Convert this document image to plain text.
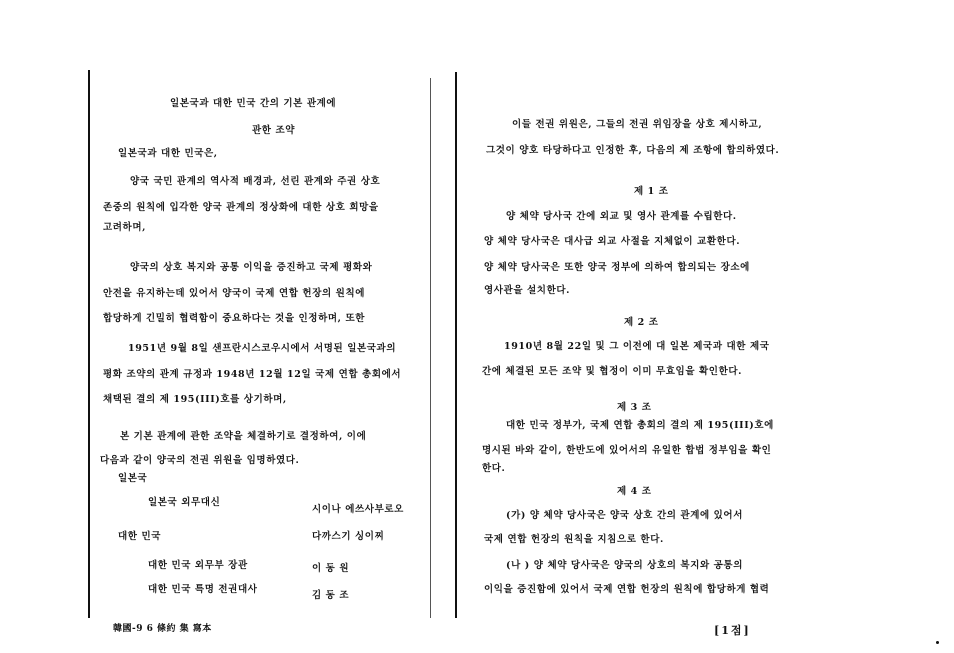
일본국과 대한 민국 간의 기본 관계에
관한 조약
일본국과 대한 민국은,
양국 국민 관계의 역사적 배경과, 선린 관계와 주권 상호
존중의 원칙에 입각한 양국 관계의 정상화에 대한 상호 희망을
고려하며,
양국의 상호 복지와 공통 이익을 증진하고 국제 평화와
안전을 유지하는데 있어서 양국이 국제 연합 헌장의 원칙에
합당하게 긴밀히 협력함이 중요하다는 것을 인정하며, 또한
1951년 9월 8일 샌프란시스코우시에서 서명된 일본국과의
평화 조약의 관계 규정과 1948년 12월 12일 국제 연합 총회에서
채택된 결의 제 195(III)호를 상기하며,
본 기본 관계에 관한 조약을 체결하기로 결정하여, 이에
다음과 같이 양국의 전권 위원을 임명하였다.
일본국
일본국 외무대신
시이나 에쓰사부로오
대한 민국	다까스기 싱이찌
대한 민국 외무부 장관	이 동 원
대한 민국 특명 전권대사
김 동 조
韓國-9 6 條約 集 寫本
이들 전권 위원은, 그들의 전권 위임장을 상호 제시하고,
그것이 양호 타당하다고 인정한 후, 다음의 제 조항에 합의하였다.
제 1 조
양 체약 당사국 간에 외교 및 영사 관계를 수립한다.
양 체약 당사국은 대사급 외교 사절을 지체없이 교환한다.
양 체약 당사국은 또한 양국 정부에 의하여 합의되는 장소에
영사관을 설치한다.
제 2 조
1910년 8월 22일 및 그 이전에 대 일본 제국과 대한 제국
간에 체결된 모든 조약 및 협정이 이미 무효임을 확인한다.
제 3 조
대한 민국 정부가, 국제 연합 총회의 결의 제 195(III)호에
명시된 바와 같이, 한반도에 있어서의 유일한 합법 정부임을 확인
한다.
제 4 조
(가) 양 체약 당사국은 양국 상호 간의 관계에 있어서
국제 연합 헌장의 원칙을 지침으로 한다.
(나 ) 양 체약 당사국은 양국의 상호의 복지와 공통의
이익을 증진함에 있어서 국제 연합 헌장의 원칙에 합당하게 협력
[1점]
